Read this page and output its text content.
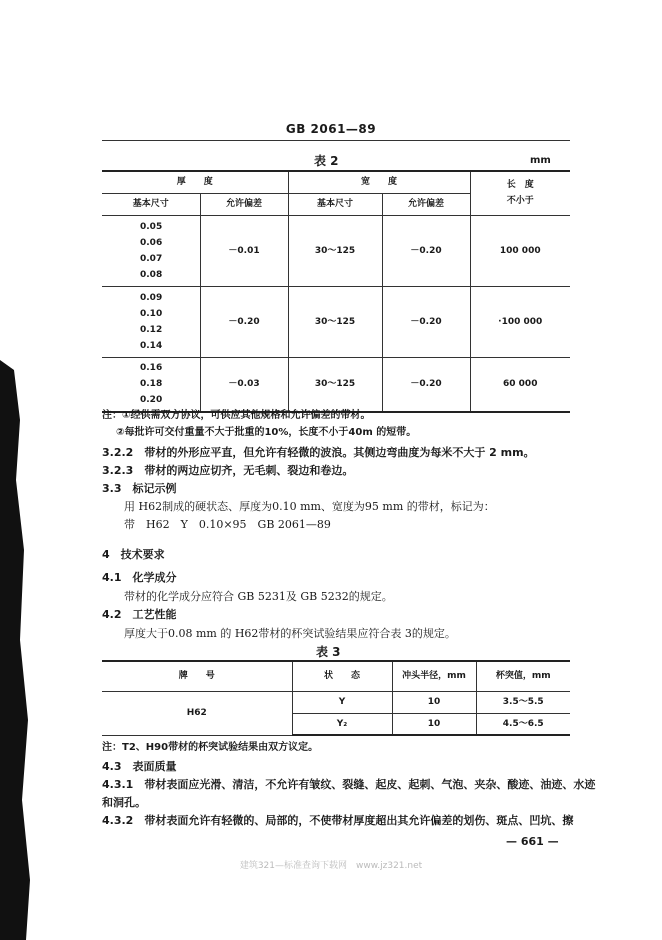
GB 2061—89
表 2	mm
厚　　度		宽　　度		长　度
不小于

基本尺寸	允许偏差	基本尺寸	允许偏差	

0.05
0.06
0.07
0.08	－0.01	30～125	－0.20	100 000

0.09
0.10
0.12
0.14	－0.20	30～125	－0.20	·100 000

0.16
0.18
0.20	－0.03	30～125	－0.20	60 000
注：①经供需双方协议，可供应其他规格和允许偏差的带材。
②每批许可交付重量不大于批重的10%，长度不小于40m 的短带。
3.2.2　带材的外形应平直，但允许有轻微的波浪。其侧边弯曲度为每米不大于 2 mm。
3.2.3　带材的两边应切齐，无毛刺、裂边和卷边。
3.3　标记示例
用 H62制成的硬状态、厚度为0.10 mm、宽度为95 mm 的带材，标记为：
带　H62　Y　0.10×95　GB 2061—89
4　技术要求
4.1　化学成分
带材的化学成分应符合 GB 5231及 GB 5232的规定。
4.2　工艺性能
厚度大于0.08 mm 的 H62带材的杯突试验结果应符合表 3的规定。
表 3
牌　　号	状　　态	冲头半径，mm	杯突值，mm
H62	Y	10	3.5～5.5
	Y₂	10	4.5～6.5
注：T2、H90带材的杯突试验结果由双方议定。
4.3　表面质量
4.3.1　带材表面应光滑、清洁，不允许有皱纹、裂缝、起皮、起刺、气泡、夹杂、酸迹、油迹、水迹
和洞孔。
4.3.2　带材表面允许有轻微的、局部的，不使带材厚度超出其允许偏差的划伤、斑点、凹坑、擦
— 661 —
建筑321—标准查询下载网　www.jz321.net
